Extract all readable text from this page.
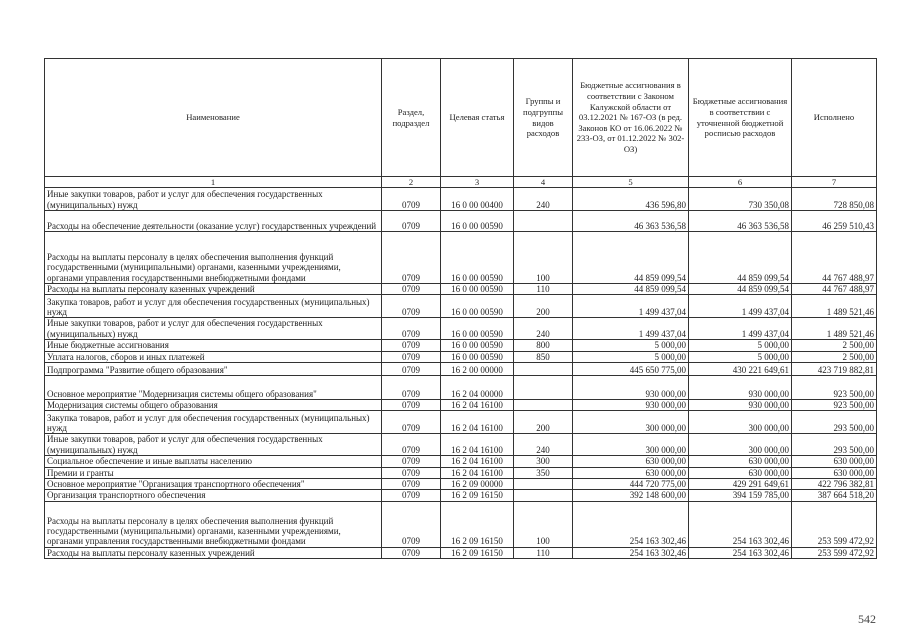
Наименование	Раздел, подраздел	Целевая статья	Группы и подгруппы видов расходов	Бюджетные ассигнования в соответствии с Законом Калужской области от 03.12.2021 № 167-ОЗ (в ред. Законов КО от 16.06.2022 № 233-ОЗ, от 01.12.2022 № 302-ОЗ)	Бюджетные ассигнования в соответствии с уточненной бюджетной росписью расходов	Исполнено
1	2	3	4	5	6	7
Иные закупки товаров, работ и услуг для обеспечения государственных (муниципальных) нужд	0709	16 0 00 00400	240	436 596,80	730 350,08	728 850,08
Расходы на обеспечение деятельности (оказание услуг) государственных учреждений	0709	16 0 00 00590		46 363 536,58	46 363 536,58	46 259 510,43
Расходы на выплаты персоналу в целях обеспечения выполнения функций государственными (муниципальными) органами, казенными учреждениями, органами управления государственными внебюджетными фондами	0709	16 0 00 00590	100	44 859 099,54	44 859 099,54	44 767 488,97
Расходы на выплаты персоналу казенных учреждений	0709	16 0 00 00590	110	44 859 099,54	44 859 099,54	44 767 488,97
Закупка товаров, работ и услуг для обеспечения государственных (муниципальных) нужд	0709	16 0 00 00590	200	1 499 437,04	1 499 437,04	1 489 521,46
Иные закупки товаров, работ и услуг для обеспечения государственных (муниципальных) нужд	0709	16 0 00 00590	240	1 499 437,04	1 499 437,04	1 489 521,46
Иные бюджетные ассигнования	0709	16 0 00 00590	800	5 000,00	5 000,00	2 500,00
Уплата налогов, сборов и иных платежей	0709	16 0 00 00590	850	5 000,00	5 000,00	2 500,00
Подпрограмма "Развитие общего образования"	0709	16 2 00 00000		445 650 775,00	430 221 649,61	423 719 882,81
Основное мероприятие "Модернизация системы общего образования"	0709	16 2 04 00000		930 000,00	930 000,00	923 500,00
Модернизация системы общего образования	0709	16 2 04 16100		930 000,00	930 000,00	923 500,00
Закупка товаров, работ и услуг для обеспечения государственных (муниципальных) нужд	0709	16 2 04 16100	200	300 000,00	300 000,00	293 500,00
Иные закупки товаров, работ и услуг для обеспечения государственных (муниципальных) нужд	0709	16 2 04 16100	240	300 000,00	300 000,00	293 500,00
Социальное обеспечение и иные выплаты населению	0709	16 2 04 16100	300	630 000,00	630 000,00	630 000,00
Премии и гранты	0709	16 2 04 16100	350	630 000,00	630 000,00	630 000,00
Основное мероприятие "Организация транспортного обеспечения"	0709	16 2 09 00000		444 720 775,00	429 291 649,61	422 796 382,81
Организация транспортного обеспечения	0709	16 2 09 16150		392 148 600,00	394 159 785,00	387 664 518,20
Расходы на выплаты персоналу в целях обеспечения выполнения функций государственными (муниципальными) органами, казенными учреждениями, органами управления государственными внебюджетными фондами	0709	16 2 09 16150	100	254 163 302,46	254 163 302,46	253 599 472,92
Расходы на выплаты персоналу казенных учреждений	0709	16 2 09 16150	110	254 163 302,46	254 163 302,46	253 599 472,92
542
